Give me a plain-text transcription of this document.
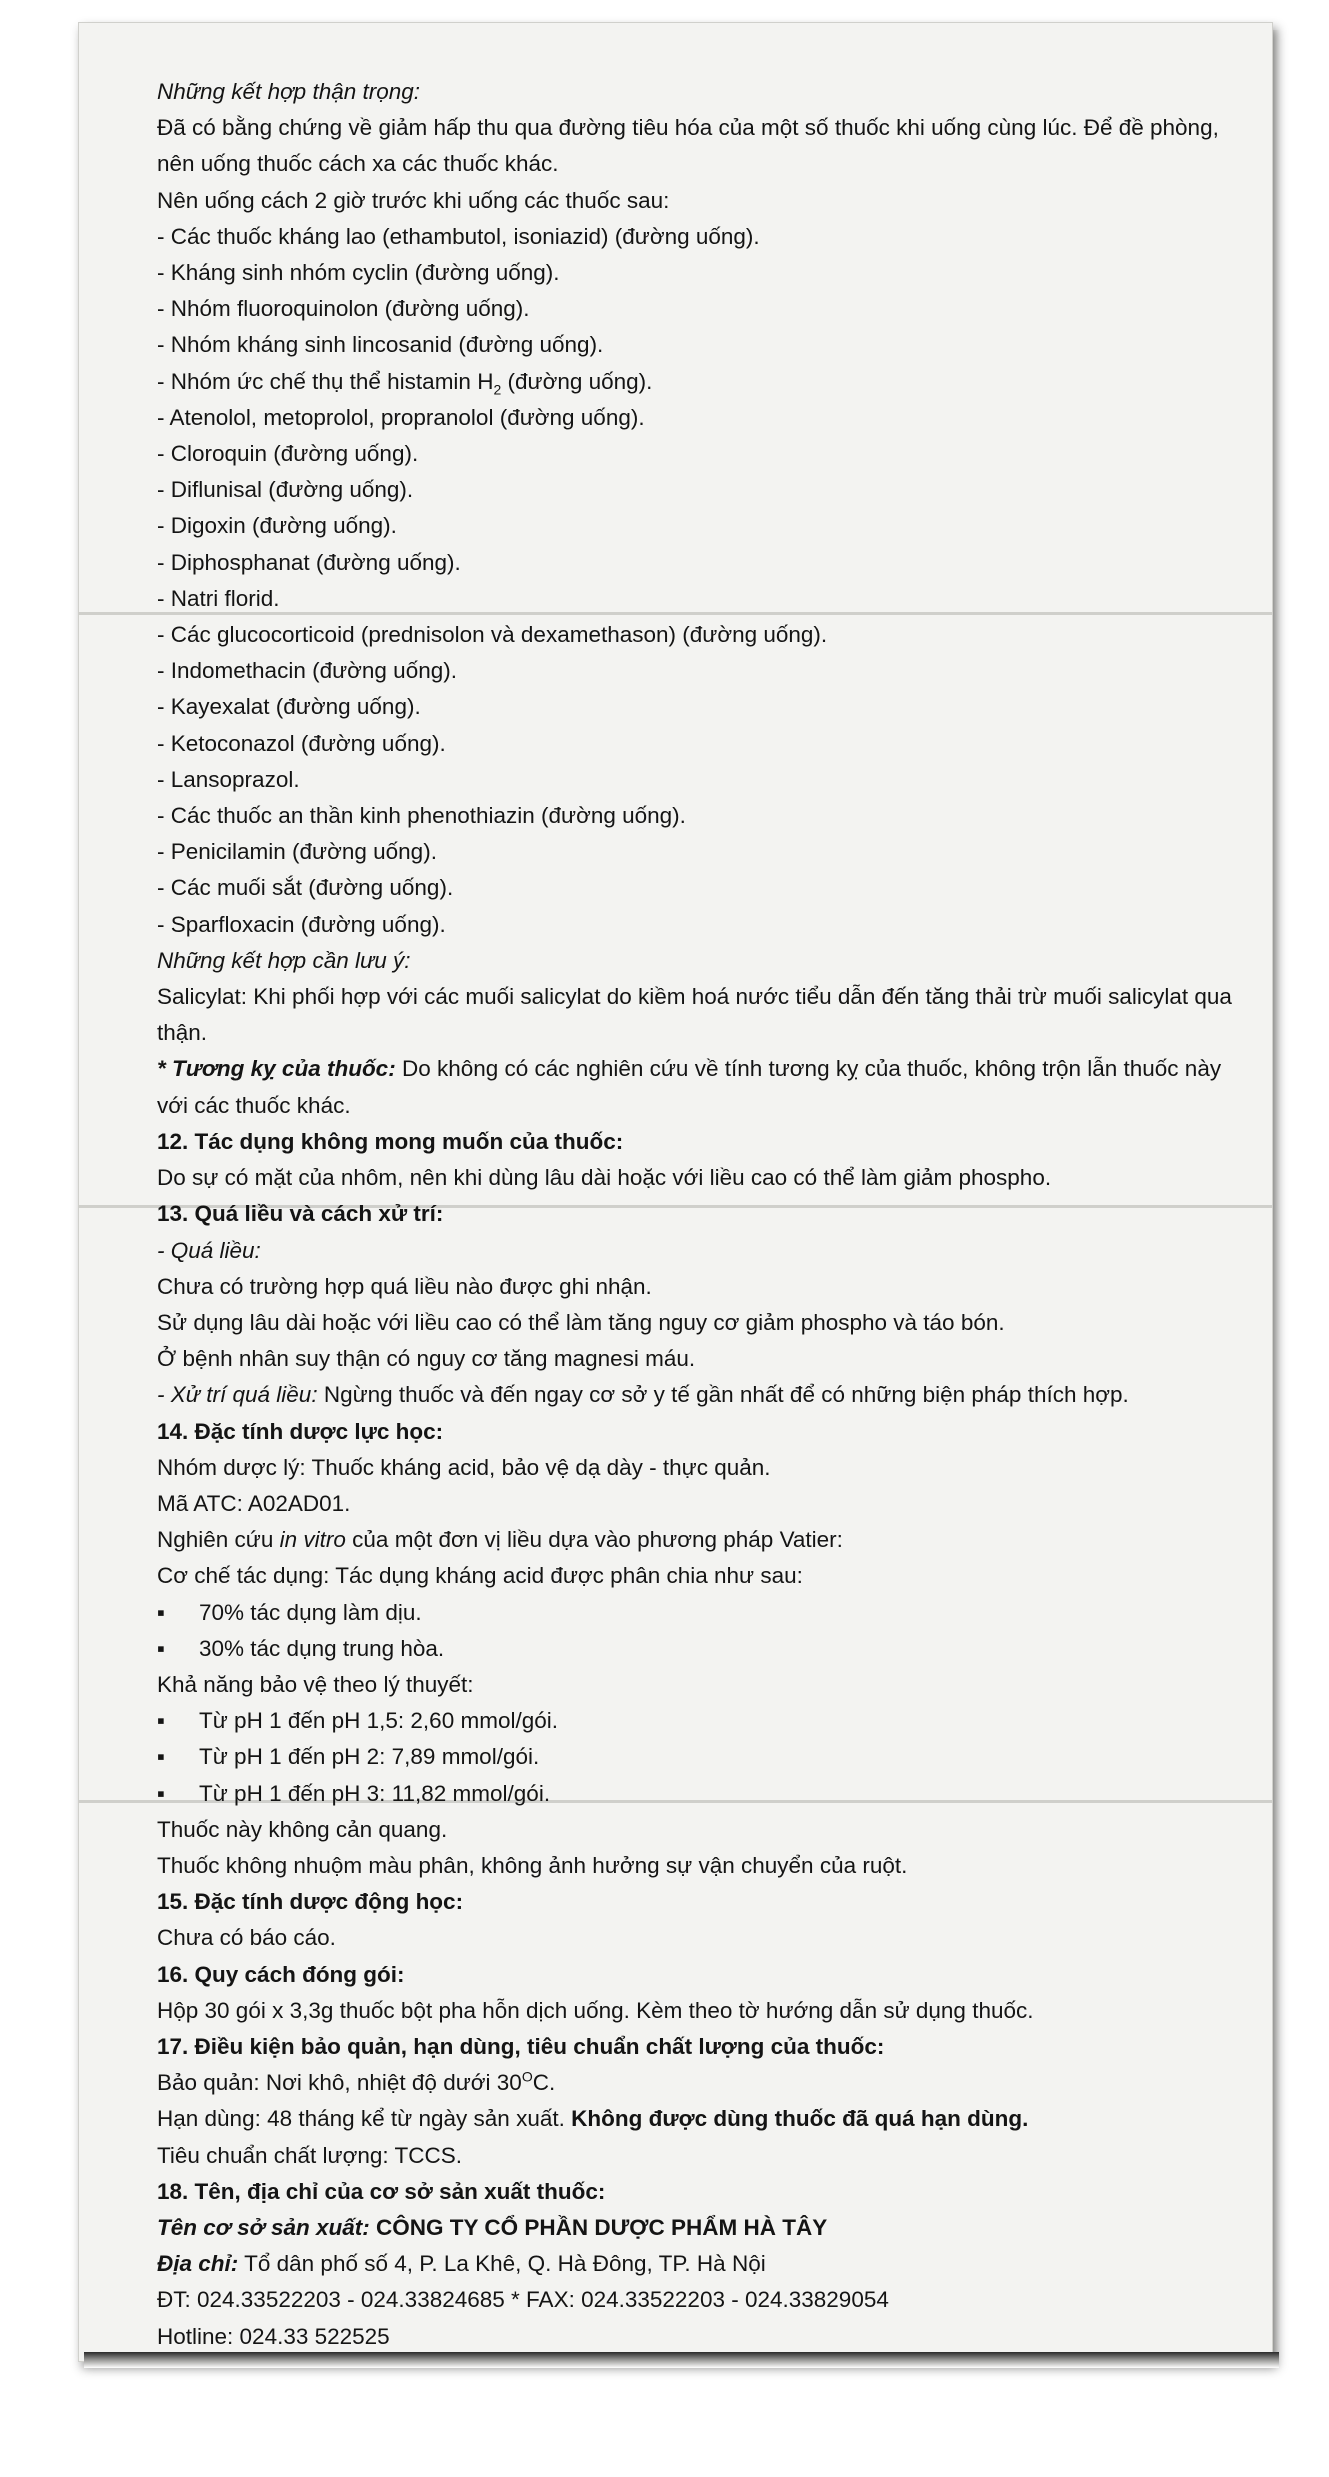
Những kết hợp thận trọng:

Đã có bằng chứng về giảm hấp thu qua đường tiêu hóa của một số thuốc khi uống cùng lúc. Để đề phòng, nên uống thuốc cách xa các thuốc khác.

Nên uống cách 2 giờ trước khi uống các thuốc sau:

- Các thuốc kháng lao (ethambutol, isoniazid) (đường uống).

- Kháng sinh nhóm cyclin (đường uống).

- Nhóm fluoroquinolon (đường uống).

- Nhóm kháng sinh lincosanid (đường uống).

- Nhóm ức chế thụ thể histamin $H_2$ (đường uống).

- Atenolol, metoprolol, propranolol (đường uống).

- Cloroquin (đường uống).

- Diflunisal (đường uống).

- Digoxin (đường uống).

- Diphosphanat (đường uống).

- Natri florid.

- Các glucocorticoid (prednisolon và dexamethason) (đường uống).

- Indomethacin (đường uống).

- Kayexalat (đường uống).

- Ketoconazol (đường uống).

- Lansoprazol.

- Các thuốc an thần kinh phenothiazin (đường uống).

- Penicilamin (đường uống).

- Các muối sắt (đường uống).

- Sparfloxacin (đường uống).

Những kết hợp cần lưu ý:

Salicylat: Khi phối hợp với các muối salicylat do kiềm hoá nước tiểu dẫn đến tăng thải trừ muối salicylat qua thận.

* Tương kỵ của thuốc: Do không có các nghiên cứu về tính tương kỵ của thuốc, không trộn lẫn thuốc này với các thuốc khác.

12. Tác dụng không mong muốn của thuốc:

Do sự có mặt của nhôm, nên khi dùng lâu dài hoặc với liều cao có thể làm giảm phospho.

13. Quá liều và cách xử trí:

- Quá liều:

Chưa có trường hợp quá liều nào được ghi nhận.

Sử dụng lâu dài hoặc với liều cao có thể làm tăng nguy cơ giảm phospho và táo bón.

Ở bệnh nhân suy thận có nguy cơ tăng magnesi máu.

- Xử trí quá liều: Ngừng thuốc và đến ngay cơ sở y tế gần nhất để có những biện pháp thích hợp.

14. Đặc tính dược lực học:

Nhóm dược lý: Thuốc kháng acid, bảo vệ dạ dày - thực quản.

Mã ATC: A02AD01.

Nghiên cứu in vitro của một đơn vị liều dựa vào phương pháp Vatier:

Cơ chế tác dụng: Tác dụng kháng acid được phân chia như sau:

▪ 70% tác dụng làm dịu.

▪ 30% tác dụng trung hòa.

Khả năng bảo vệ theo lý thuyết:

▪ Từ pH 1 đến pH 1,5: 2,60 mmol/gói.

▪ Từ pH 1 đến pH 2: 7,89 mmol/gói.

▪ Từ pH 1 đến pH 3: 11,82 mmol/gói.

Thuốc này không cản quang.

Thuốc không nhuộm màu phân, không ảnh hưởng sự vận chuyển của ruột.

15. Đặc tính dược động học:

Chưa có báo cáo.

16. Quy cách đóng gói:

Hộp 30 gói x 3,3g thuốc bột pha hỗn dịch uống. Kèm theo tờ hướng dẫn sử dụng thuốc.

17. Điều kiện bảo quản, hạn dùng, tiêu chuẩn chất lượng của thuốc:

Bảo quản: Nơi khô, nhiệt độ dưới $30^OC$.

Hạn dùng: 48 tháng kể từ ngày sản xuất. Không được dùng thuốc đã quá hạn dùng.

Tiêu chuẩn chất lượng: TCCS.

18. Tên, địa chỉ của cơ sở sản xuất thuốc:

Tên cơ sở sản xuất: CÔNG TY CỔ PHẦN DƯỢC PHẨM HÀ TÂY

Địa chỉ: Tổ dân phố số 4, P. La Khê, Q. Hà Đông, TP. Hà Nội

ĐT: 024.33522203 - 024.33824685 * FAX: 024.33522203 - 024.33829054

Hotline: 024.33 522525
